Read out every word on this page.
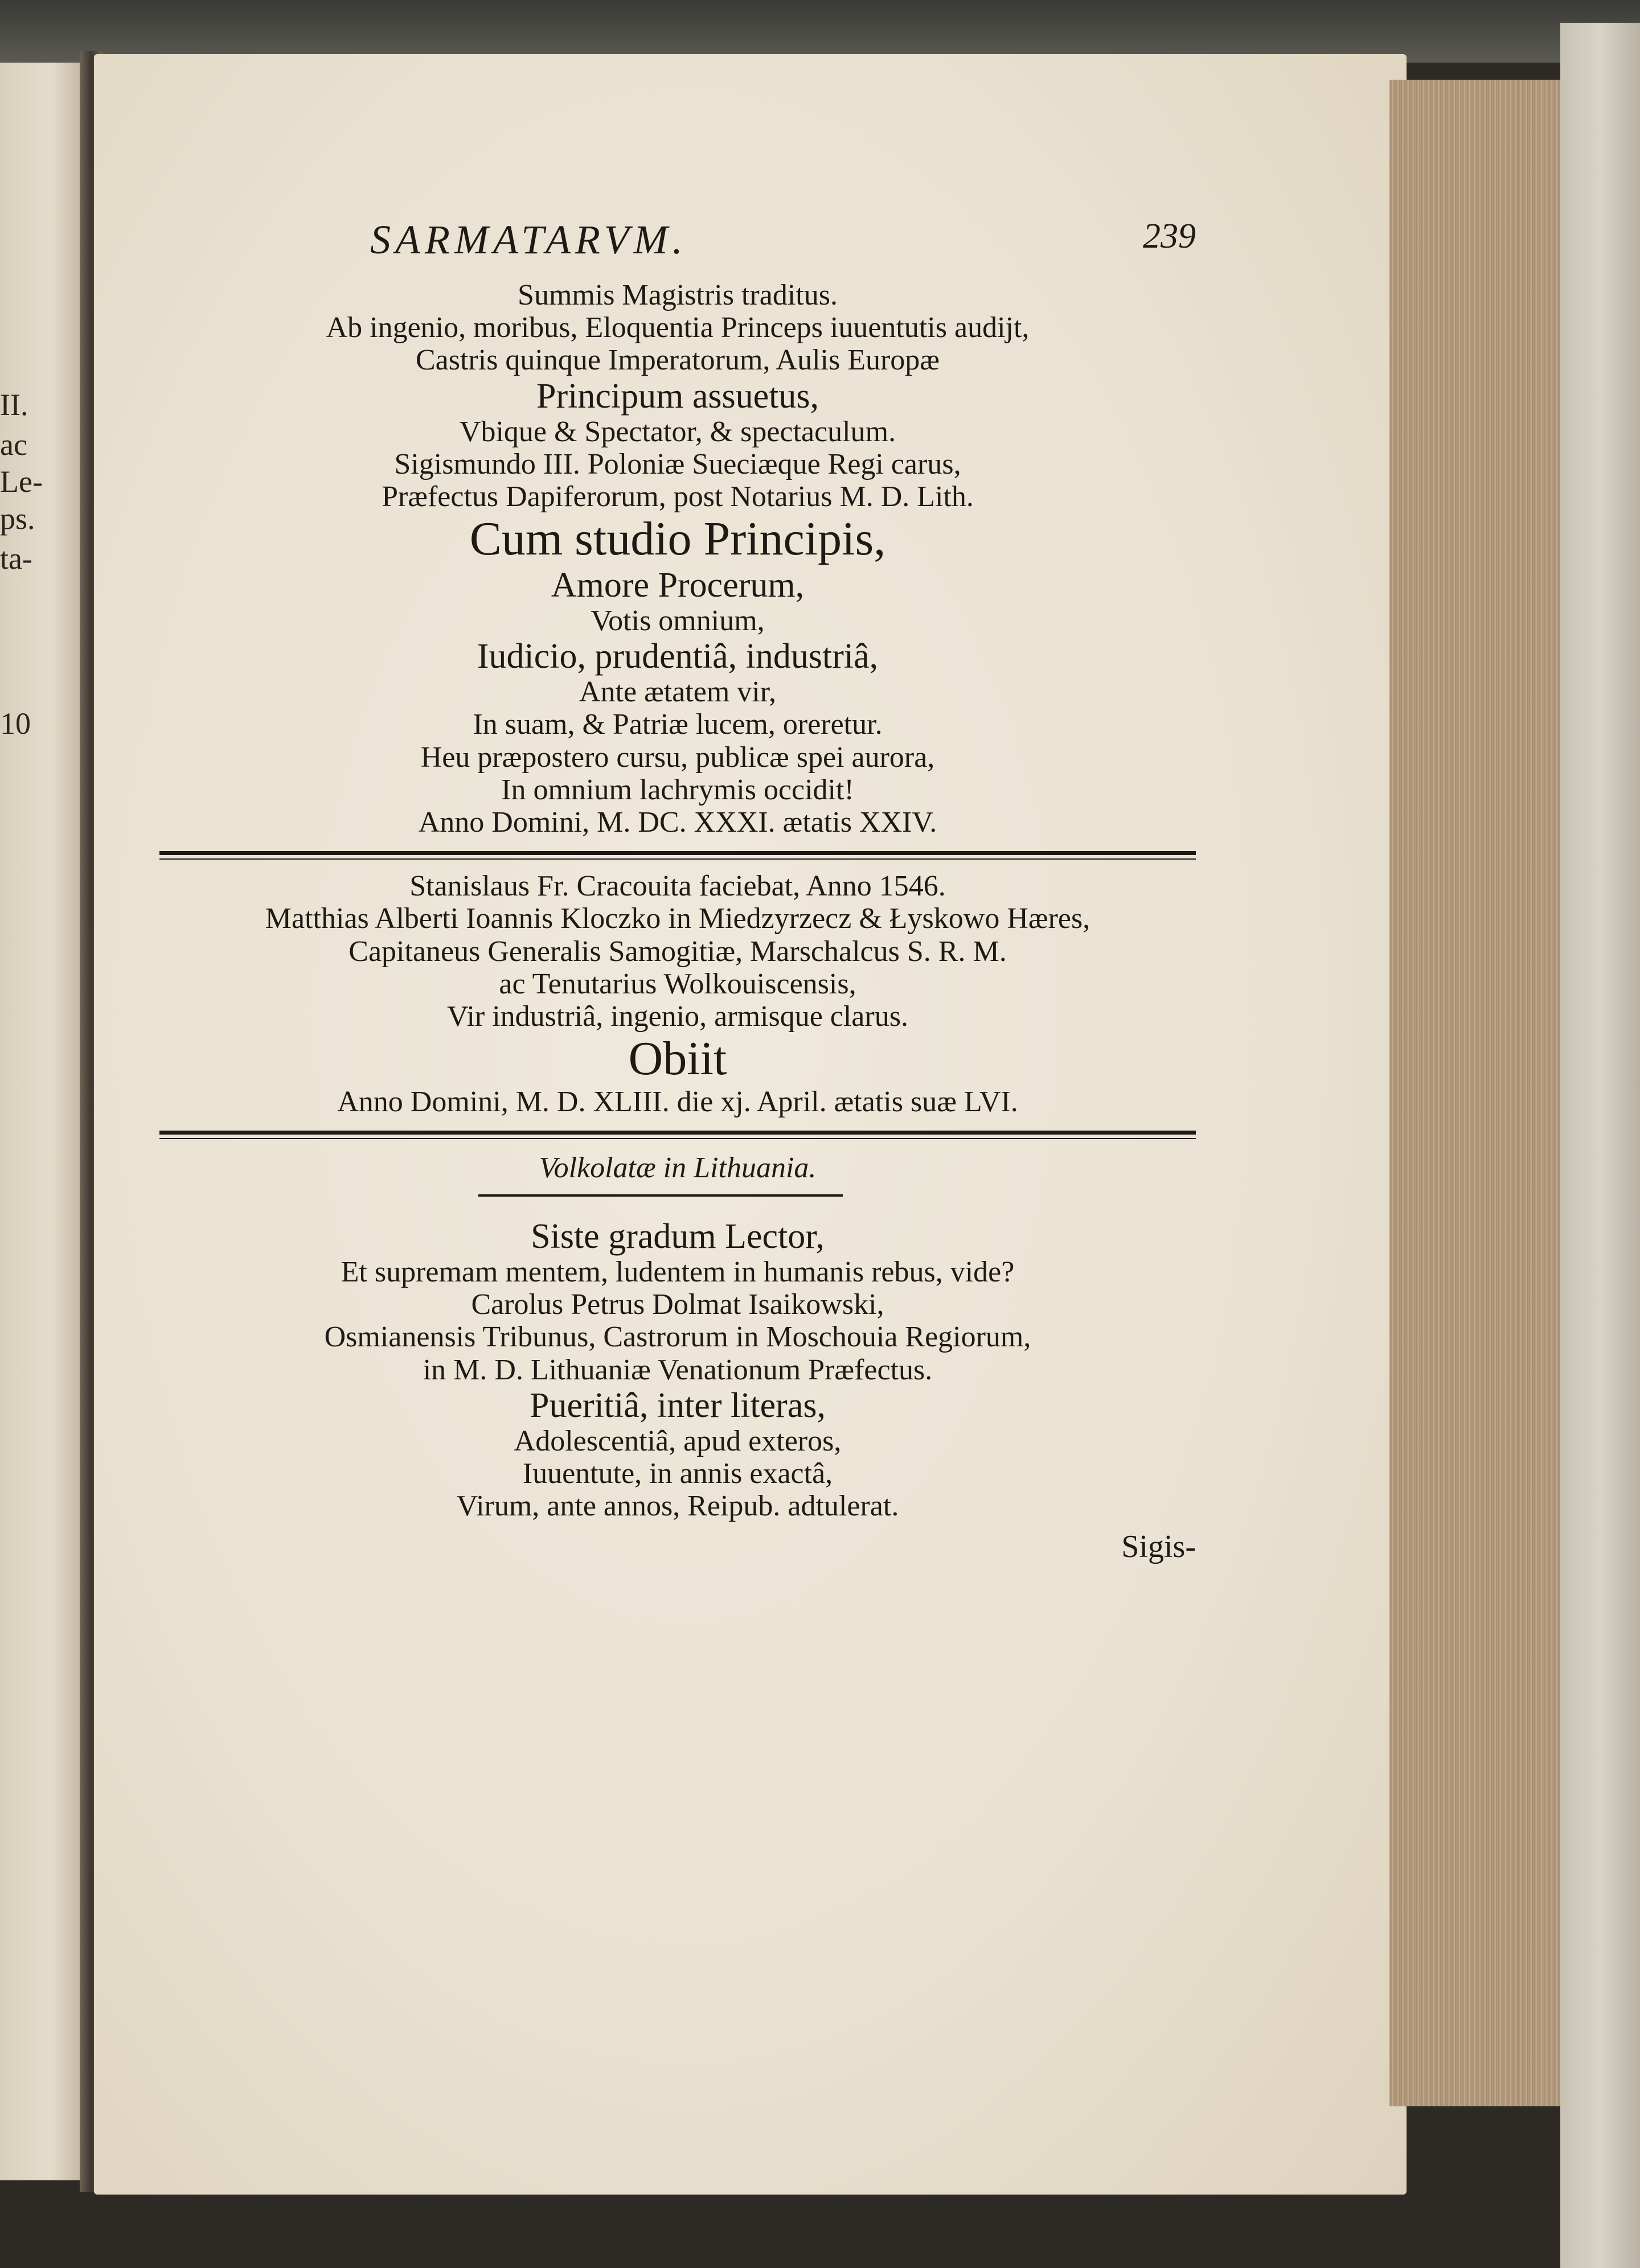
II.
ac
Le-
ps.
ta-
10
SARMATARVM.	239

Summis Magistris traditus.

Ab ingenio, moribus, Eloquentia Princeps iuuentutis audijt,

Castris quinque Imperatorum, Aulis Europæ

Principum assuetus,

Vbique & Spectator, & spectaculum.

Sigismundo III. Poloniæ Sueciæque Regi carus,

Præfectus Dapiferorum, post Notarius M. D. Lith.

Cum studio Principis,

Amore Procerum,

Votis omnium,

Iudicio, prudentiâ, industriâ,

Ante ætatem vir,

In suam, & Patriæ lucem, oreretur.

Heu præpostero cursu, publicæ spei aurora,

In omnium lachrymis occidit!

Anno Domini, M. DC. XXXI. ætatis XXIV.

Stanislaus Fr. Cracouita faciebat, Anno 1546.

Matthias Alberti Ioannis Kloczko in Miedzyrzecz & Łyskowo Hæres,

Capitaneus Generalis Samogitiæ, Marschalcus S. R. M.

ac Tenutarius Wolkouiscensis,

Vir industriâ, ingenio, armisque clarus.

Obiit

Anno Domini, M. D. XLIII. die xj. April. ætatis suæ LVI.

Volkolatæ in Lithuania.

Siste gradum Lector,

Et supremam mentem, ludentem in humanis rebus, vide?

Carolus Petrus Dolmat Isaikowski,

Osmianensis Tribunus, Castrorum in Moschouia Regiorum,

in M. D. Lithuaniæ Venationum Præfectus.

Pueritiâ, inter literas,

Adolescentiâ, apud exteros,

Iuuentute, in annis exactâ,

Virum, ante annos, Reipub. adtulerat.

Sigis-
